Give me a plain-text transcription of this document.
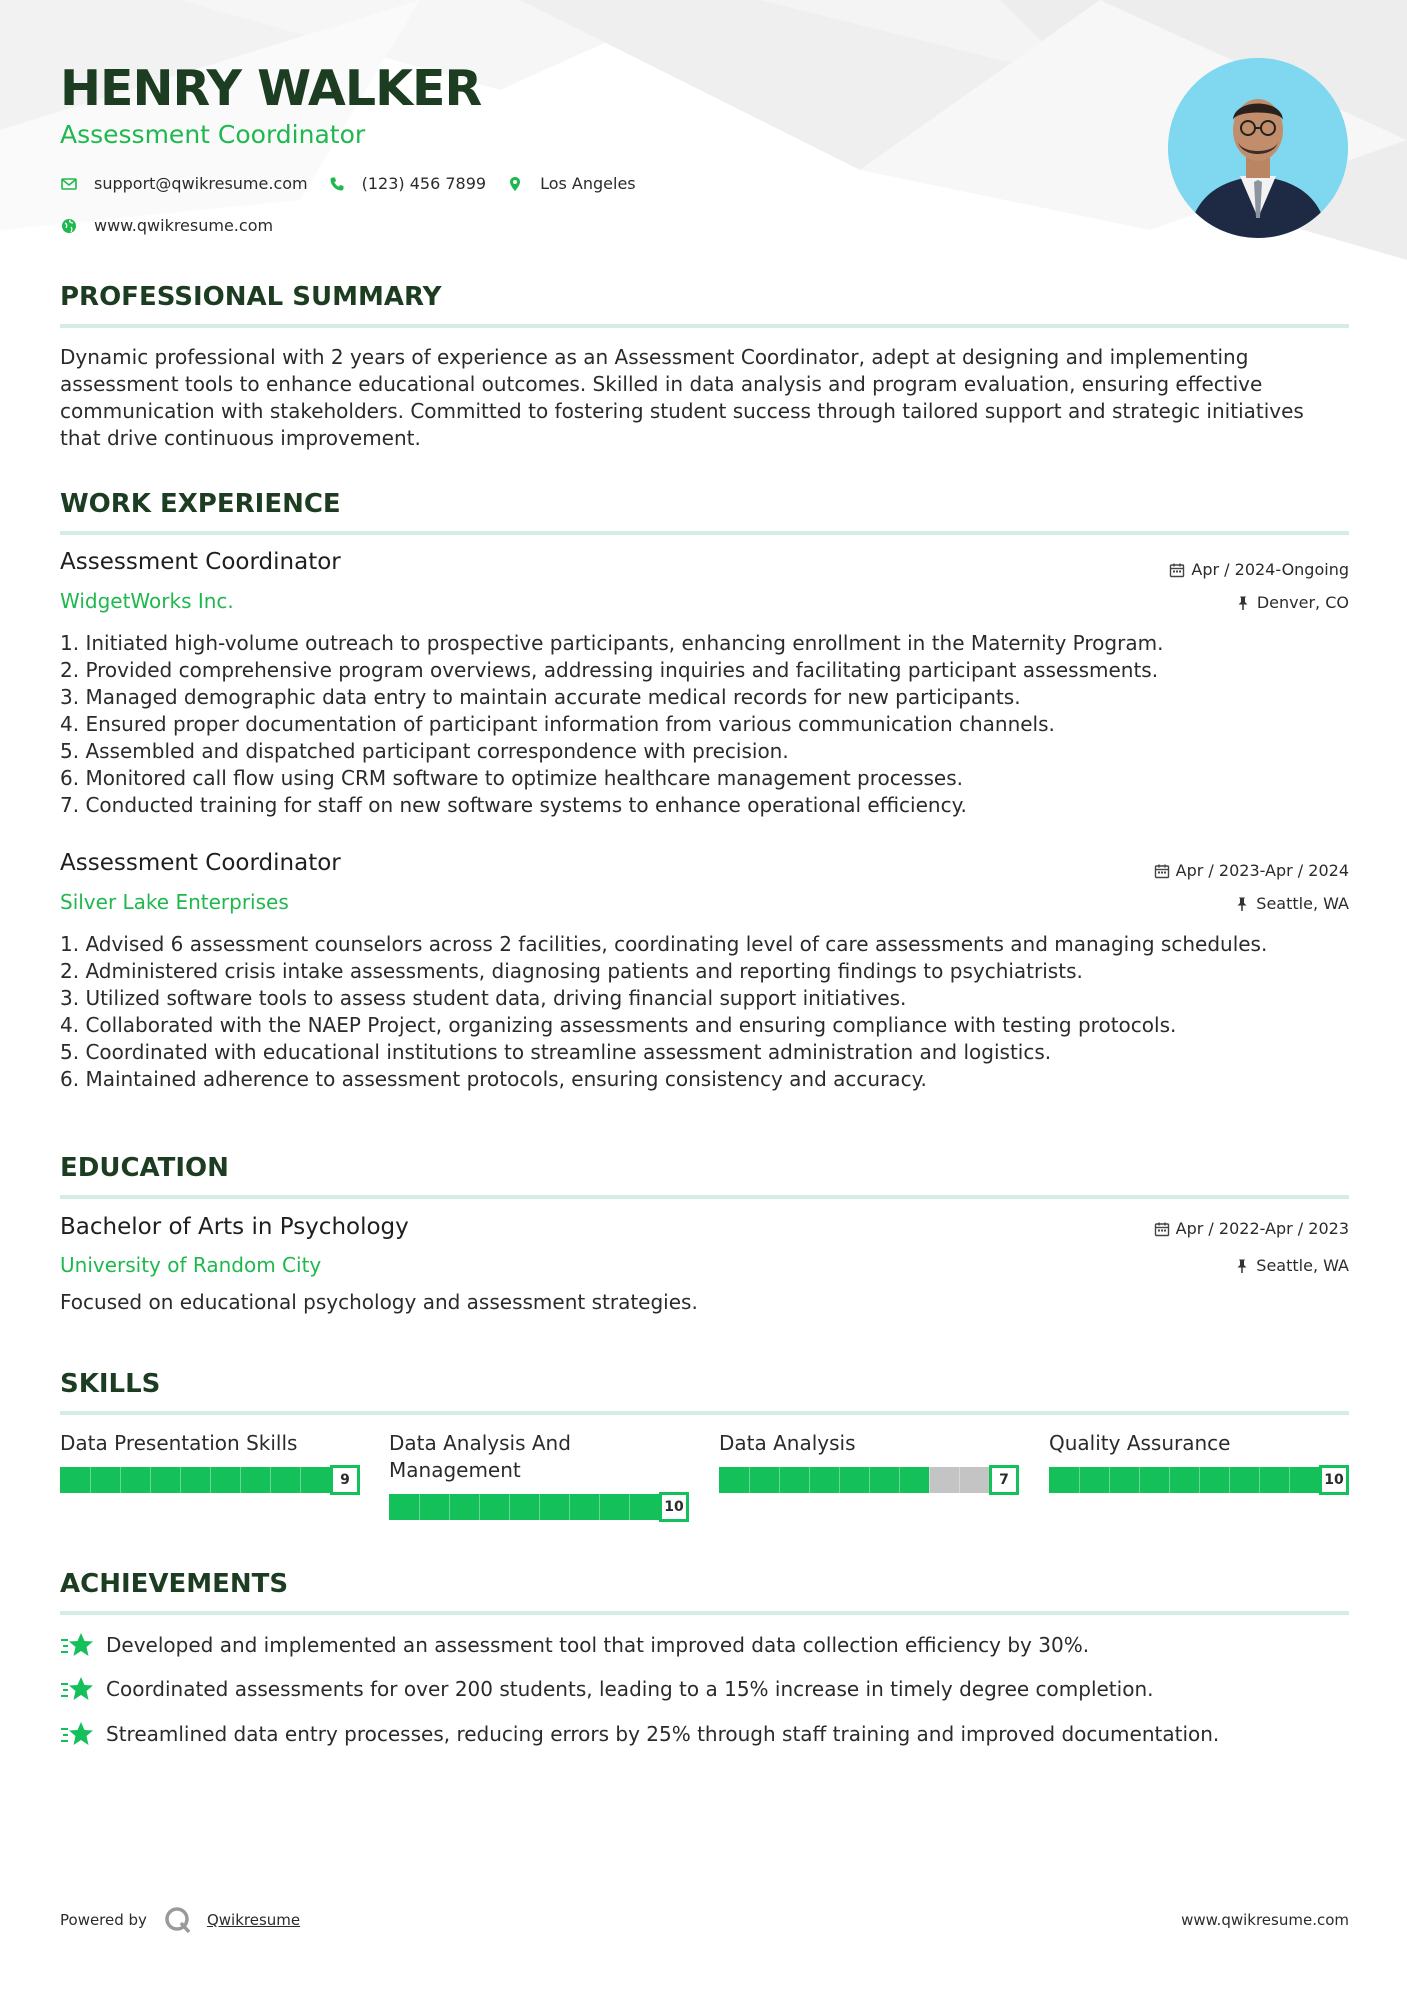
HENRY WALKER
Assessment Coordinator
support@qwikresume.com	(123) 456 7899	Los Angeles
www.qwikresume.com
PROFESSIONAL SUMMARY
Dynamic professional with 2 years of experience as an Assessment Coordinator, adept at designing and implementing assessment tools to enhance educational outcomes. Skilled in data analysis and program evaluation, ensuring effective communication with stakeholders. Committed to fostering student success through tailored support and strategic initiatives that drive continuous improvement.
WORK EXPERIENCE
Assessment Coordinator	Apr / 2024-Ongoing
WidgetWorks Inc.	Denver, CO
1. Initiated high-volume outreach to prospective participants, enhancing enrollment in the Maternity Program.
2. Provided comprehensive program overviews, addressing inquiries and facilitating participant assessments.
3. Managed demographic data entry to maintain accurate medical records for new participants.
4. Ensured proper documentation of participant information from various communication channels.
5. Assembled and dispatched participant correspondence with precision.
6. Monitored call flow using CRM software to optimize healthcare management processes.
7. Conducted training for staff on new software systems to enhance operational efficiency.
Assessment Coordinator	Apr / 2023-Apr / 2024
Silver Lake Enterprises	Seattle, WA
1. Advised 6 assessment counselors across 2 facilities, coordinating level of care assessments and managing schedules.
2. Administered crisis intake assessments, diagnosing patients and reporting findings to psychiatrists.
3. Utilized software tools to assess student data, driving financial support initiatives.
4. Collaborated with the NAEP Project, organizing assessments and ensuring compliance with testing protocols.
5. Coordinated with educational institutions to streamline assessment administration and logistics.
6. Maintained adherence to assessment protocols, ensuring consistency and accuracy.
EDUCATION
Bachelor of Arts in Psychology	Apr / 2022-Apr / 2023
University of Random City	Seattle, WA
Focused on educational psychology and assessment strategies.
SKILLS
Data Presentation Skills
9
Data Analysis And Management
10
Data Analysis
7
Quality Assurance
10
ACHIEVEMENTS
Developed and implemented an assessment tool that improved data collection efficiency by 30%.
Coordinated assessments for over 200 students, leading to a 15% increase in timely degree completion.
Streamlined data entry processes, reducing errors by 25% through staff training and improved documentation.
Powered by	Qwikresume	www.qwikresume.com
